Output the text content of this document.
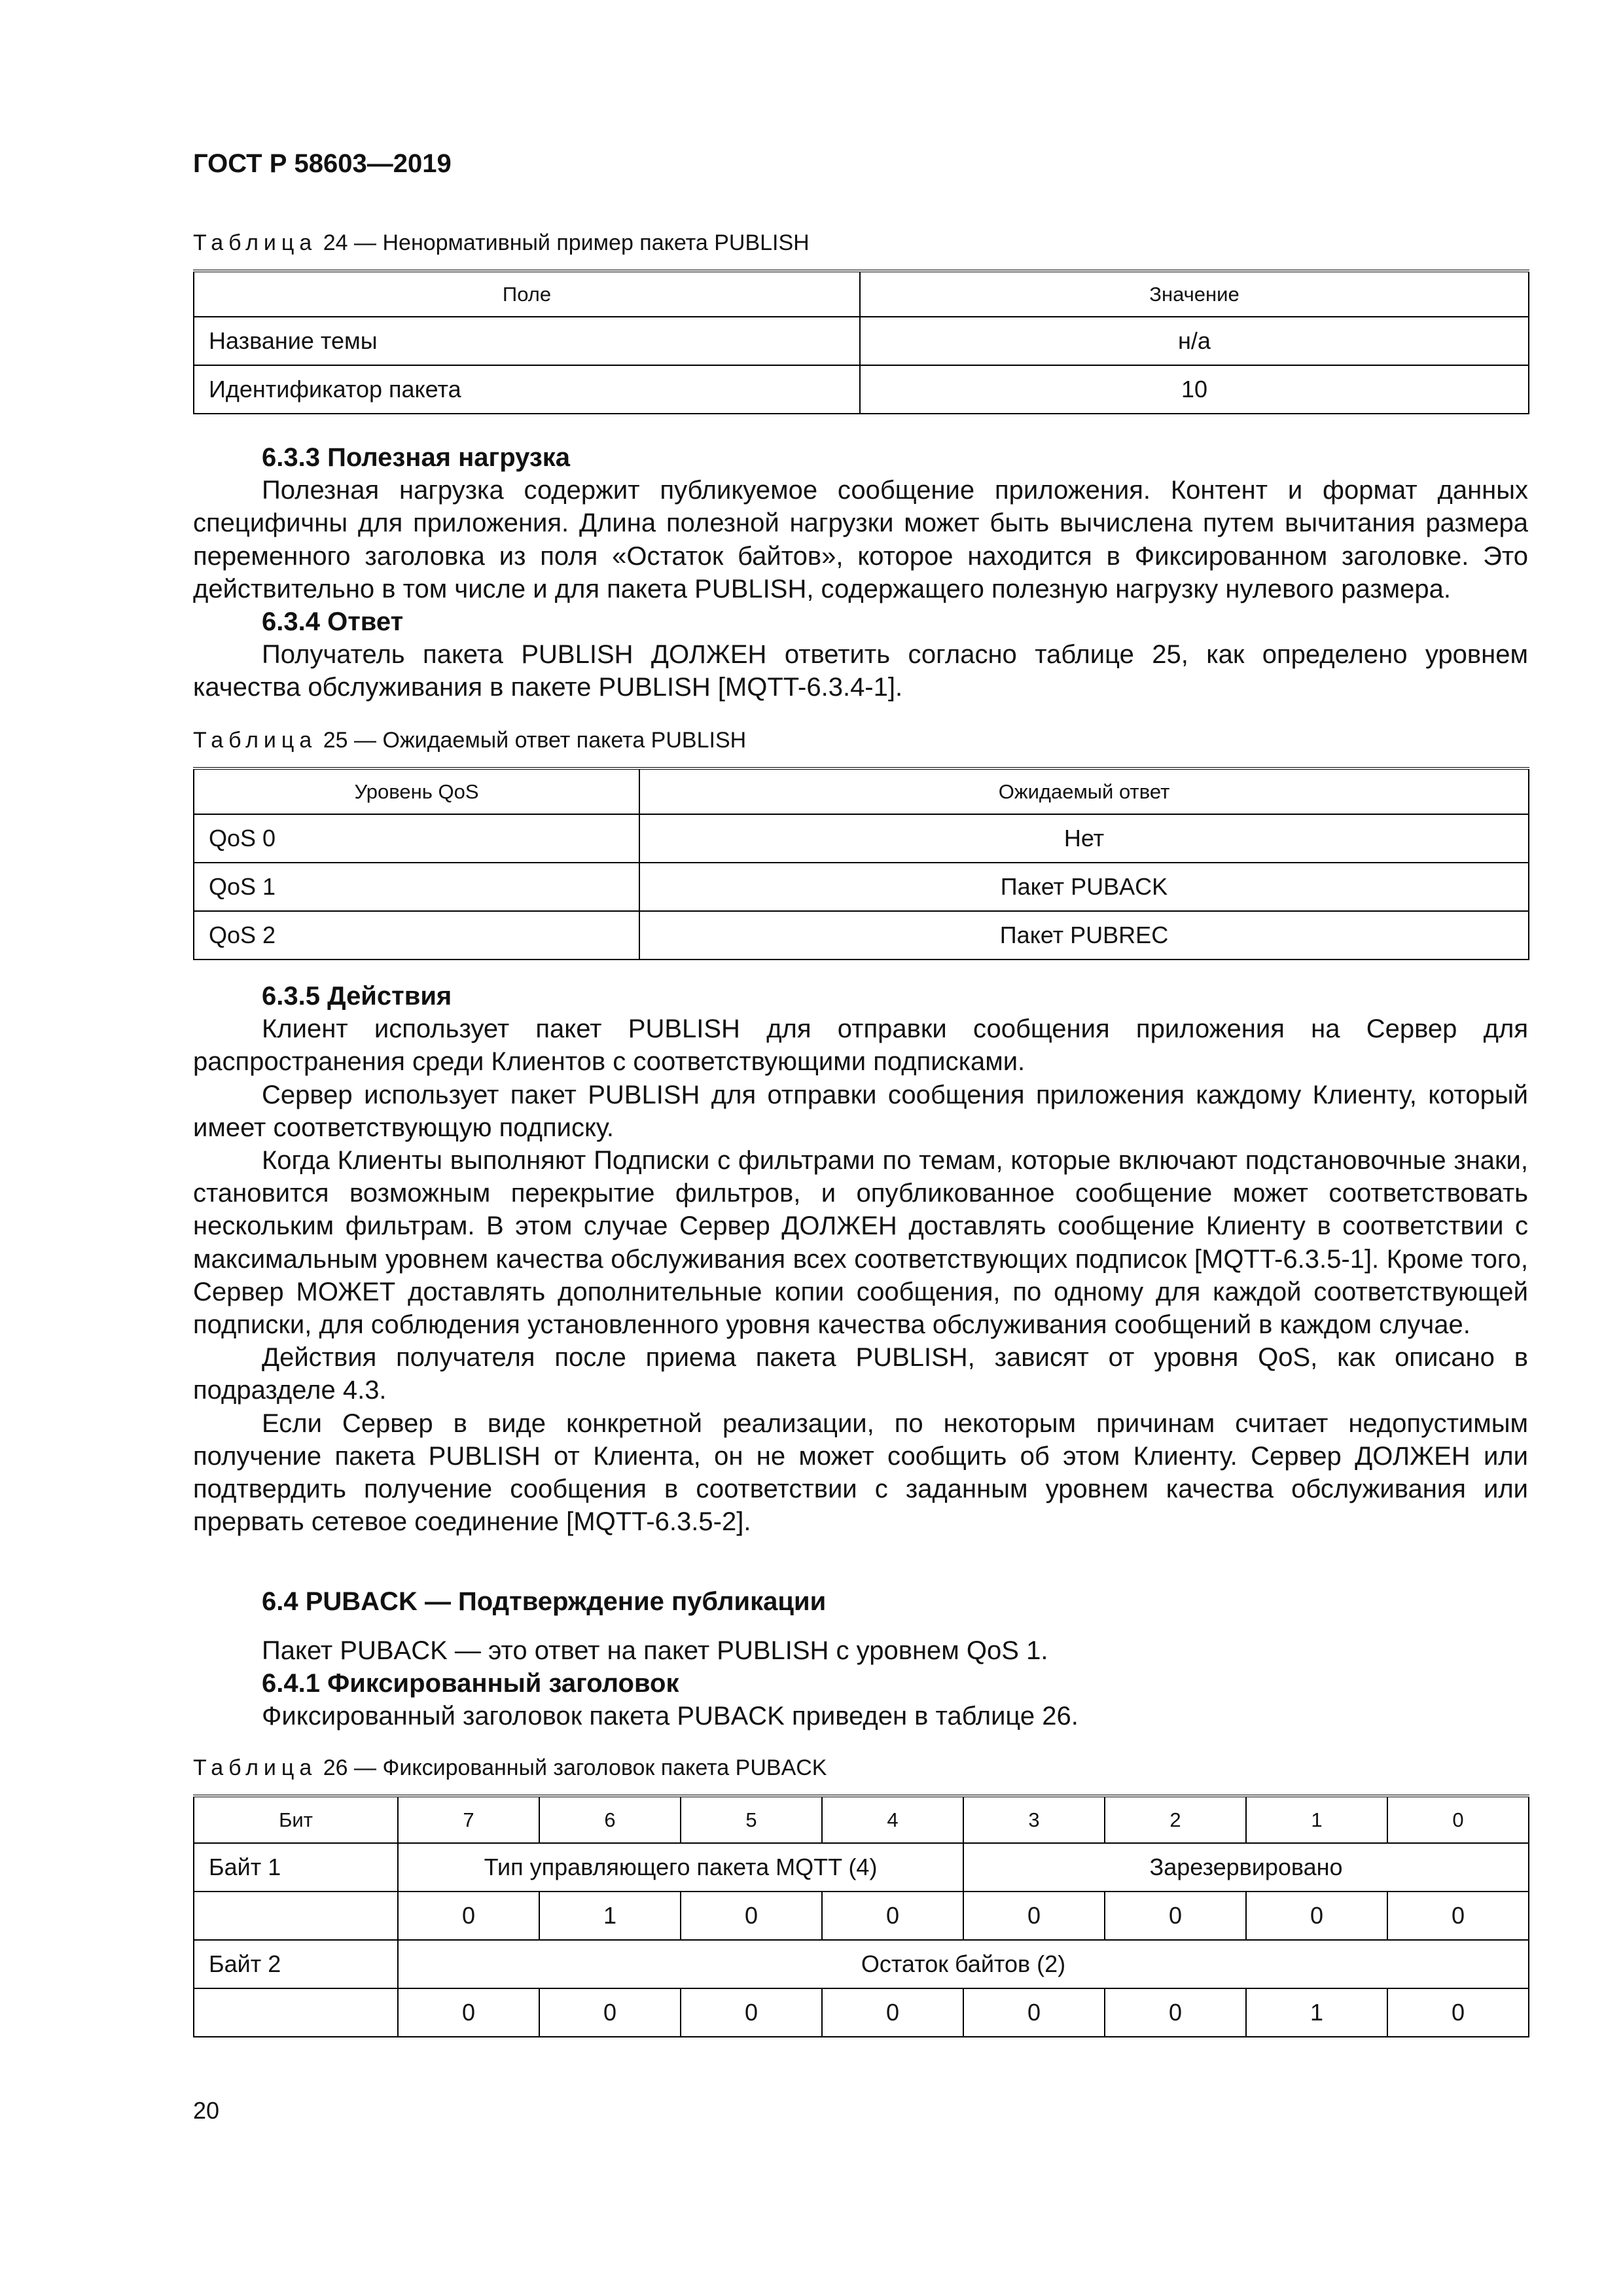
ГОСТ Р 58603—2019
Таблица 24 — Ненормативный пример пакета PUBLISH
Поле	Значение
Название темы	н/а
Идентификатор пакета	10
6.3.3 Полезная нагрузка

Полезная нагрузка содержит публикуемое сообщение приложения. Контент и формат данных специфичны для приложения. Длина полезной нагрузки может быть вычислена путем вычитания размера переменного заголовка из поля «Остаток байтов», которое находится в Фиксированном заголовке. Это действительно в том числе и для пакета PUBLISH, содержащего полезную нагрузку нулевого размера.

6.3.4 Ответ

Получатель пакета PUBLISH ДОЛЖЕН ответить согласно таблице 25, как определено уровнем качества обслуживания в пакете PUBLISH [MQTT-6.3.4-1].

Таблица 25 — Ожидаемый ответ пакета PUBLISH
Уровень QoS	Ожидаемый ответ
QoS 0	Нет
QoS 1	Пакет PUBACK
QoS 2	Пакет PUBREC
6.3.5 Действия

Клиент использует пакет PUBLISH для отправки сообщения приложения на Сервер для распространения среди Клиентов с соответствующими подписками.

Сервер использует пакет PUBLISH для отправки сообщения приложения каждому Клиенту, который имеет соответствующую подписку.

Когда Клиенты выполняют Подписки с фильтрами по темам, которые включают подстановочные знаки, становится возможным перекрытие фильтров, и опубликованное сообщение может соответствовать нескольким фильтрам. В этом случае Сервер ДОЛЖЕН доставлять сообщение Клиенту в соответствии с максимальным уровнем качества обслуживания всех соответствующих подписок [MQTT-6.3.5-1]. Кроме того, Сервер МОЖЕТ доставлять дополнительные копии сообщения, по одному для каждой соответствующей подписки, для соблюдения установленного уровня качества обслуживания сообщений в каждом случае.

Действия получателя после приема пакета PUBLISH, зависят от уровня QoS, как описано в подразделе 4.3.

Если Сервер в виде конкретной реализации, по некоторым причинам считает недопустимым получение пакета PUBLISH от Клиента, он не может сообщить об этом Клиенту. Сервер ДОЛЖЕН или подтвердить получение сообщения в соответствии с заданным уровнем качества обслуживания или прервать сетевое соединение [MQTT-6.3.5-2].

6.4 PUBACK — Подтверждение публикации

Пакет PUBACK — это ответ на пакет PUBLISH с уровнем QoS 1.

6.4.1 Фиксированный заголовок

Фиксированный заголовок пакета PUBACK приведен в таблице 26.

Таблица 26 — Фиксированный заголовок пакета PUBACK
Бит	7	6	5	4	3	2	1	0
Байт 1	Тип управляющего пакета MQTT (4)				Зарезервировано			
	0	1	0	0	0	0	0	0
Байт 2	Остаток байтов (2)							
	0	0	0	0	0	0	1	0
20
